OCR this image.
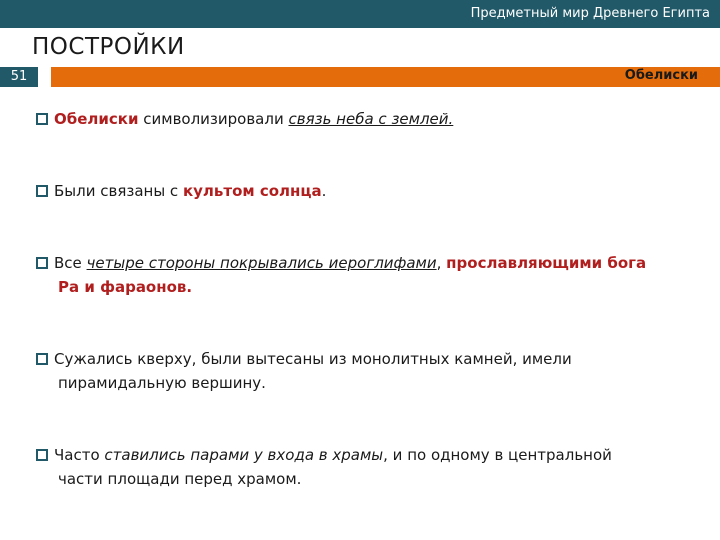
Предметный мир Древнего Египта
ПОСТРОЙКИ
51	Обелиски
Обелиски символизировали связь неба с землей.
Были связаны с культом солнца.
Все четыре стороны покрывались иероглифами, прославляющими бога
Ра и фараонов.
Сужались кверху, были вытесаны из монолитных камней, имели
пирамидальную вершину.
Часто ставились парами у входа в храмы, и по одному в центральной
части площади перед храмом.
